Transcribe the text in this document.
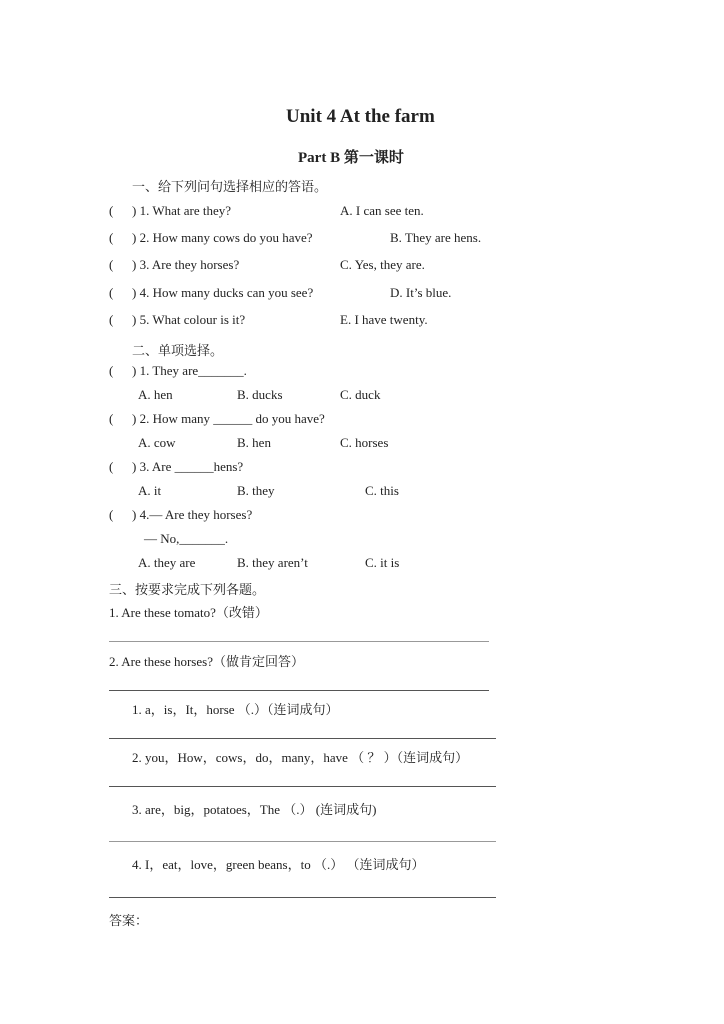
Unit 4 At the farm
Part B 第一课时
一、给下列问句选择相应的答语。
( ) 1. What are they?	A. I can see ten.
( ) 2. How many cows do you have?	B. They are hens.
( ) 3. Are they horses?	C. Yes, they are.
( ) 4. How many ducks can you see?	D. It’s blue.
( ) 5. What colour is it?	E. I have twenty.
二、单项选择。
( ) 1. They are_______.
A. hen	B. ducks	C. duck
( ) 2. How many ______ do you have?
A. cow	B. hen	C. horses
( ) 3. Are ______hens?
A. it	B. they	C. this
( ) 4.— Are they horses?
— No,_______.
A. they are	B. they aren’t	C. it is
三、按要求完成下列各题。
1. Are these tomato?（改错）
2. Are these horses?（做肯定回答）
1. a，is，It，horse （.）（连词成句）
2. you，How，cows，do，many，have （ ？ ）（连词成句）
3. are，big，potatoes，The （.） (连词成句)
4. I，eat，love，green beans，to （.） （连词成句）
答案：
